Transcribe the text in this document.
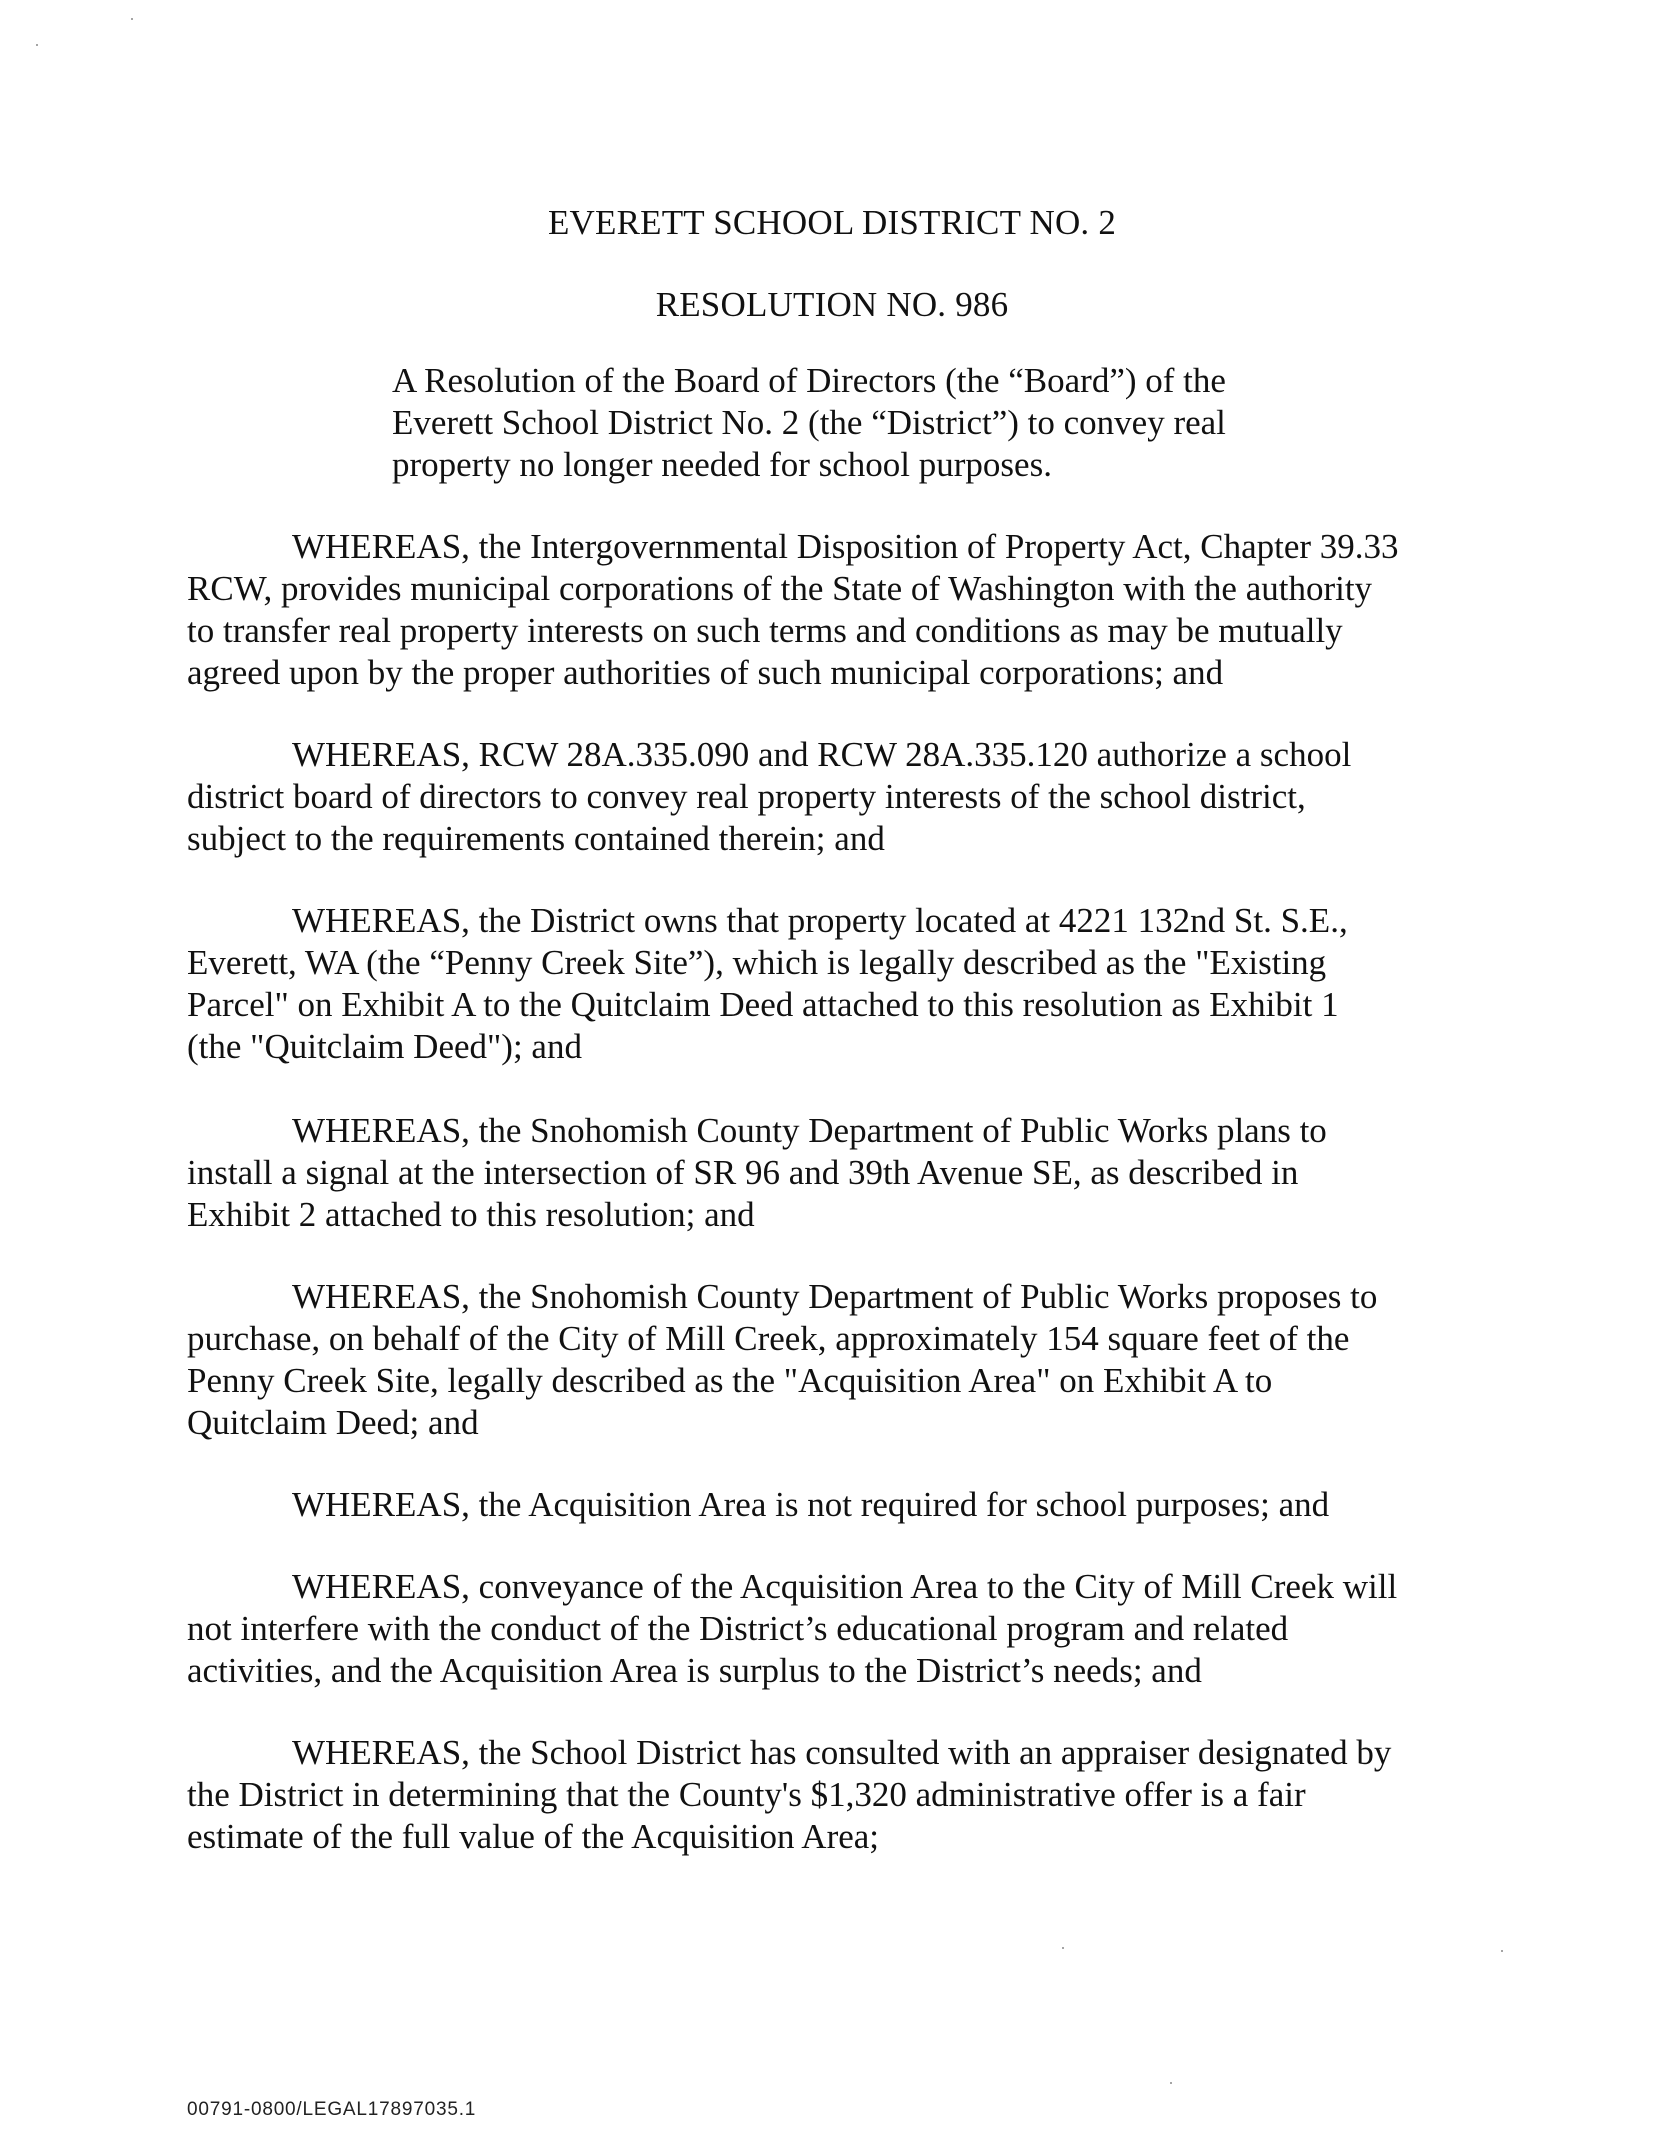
EVERETT SCHOOL DISTRICT NO. 2
RESOLUTION NO. 986
A Resolution of the Board of Directors (the “Board”) of the
Everett School District No. 2 (the “District”) to convey real
property no longer needed for school purposes.
WHEREAS, the Intergovernmental Disposition of Property Act, Chapter 39.33
RCW, provides municipal corporations of the State of Washington with the authority
to transfer real property interests on such terms and conditions as may be mutually
agreed upon by the proper authorities of such municipal corporations; and
WHEREAS, RCW 28A.335.090 and RCW 28A.335.120 authorize a school
district board of directors to convey real property interests of the school district,
subject to the requirements contained therein; and
WHEREAS, the District owns that property located at 4221 132nd St. S.E.,
Everett, WA (the “Penny Creek Site”), which is legally described as the "Existing
Parcel" on Exhibit A to the Quitclaim Deed attached to this resolution as Exhibit 1
(the "Quitclaim Deed"); and
WHEREAS, the Snohomish County Department of Public Works plans to
install a signal at the intersection of SR 96 and 39th Avenue SE, as described in
Exhibit 2 attached to this resolution; and
WHEREAS, the Snohomish County Department of Public Works proposes to
purchase, on behalf of the City of Mill Creek, approximately 154 square feet of the
Penny Creek Site, legally described as the "Acquisition Area" on Exhibit A to
Quitclaim Deed; and
WHEREAS, the Acquisition Area is not required for school purposes; and
WHEREAS, conveyance of the Acquisition Area to the City of Mill Creek will
not interfere with the conduct of the District’s educational program and related
activities, and the Acquisition Area is surplus to the District’s needs; and
WHEREAS, the School District has consulted with an appraiser designated by
the District in determining that the County's $1,320 administrative offer is a fair
estimate of the full value of the Acquisition Area;
00791-0800/LEGAL17897035.1
